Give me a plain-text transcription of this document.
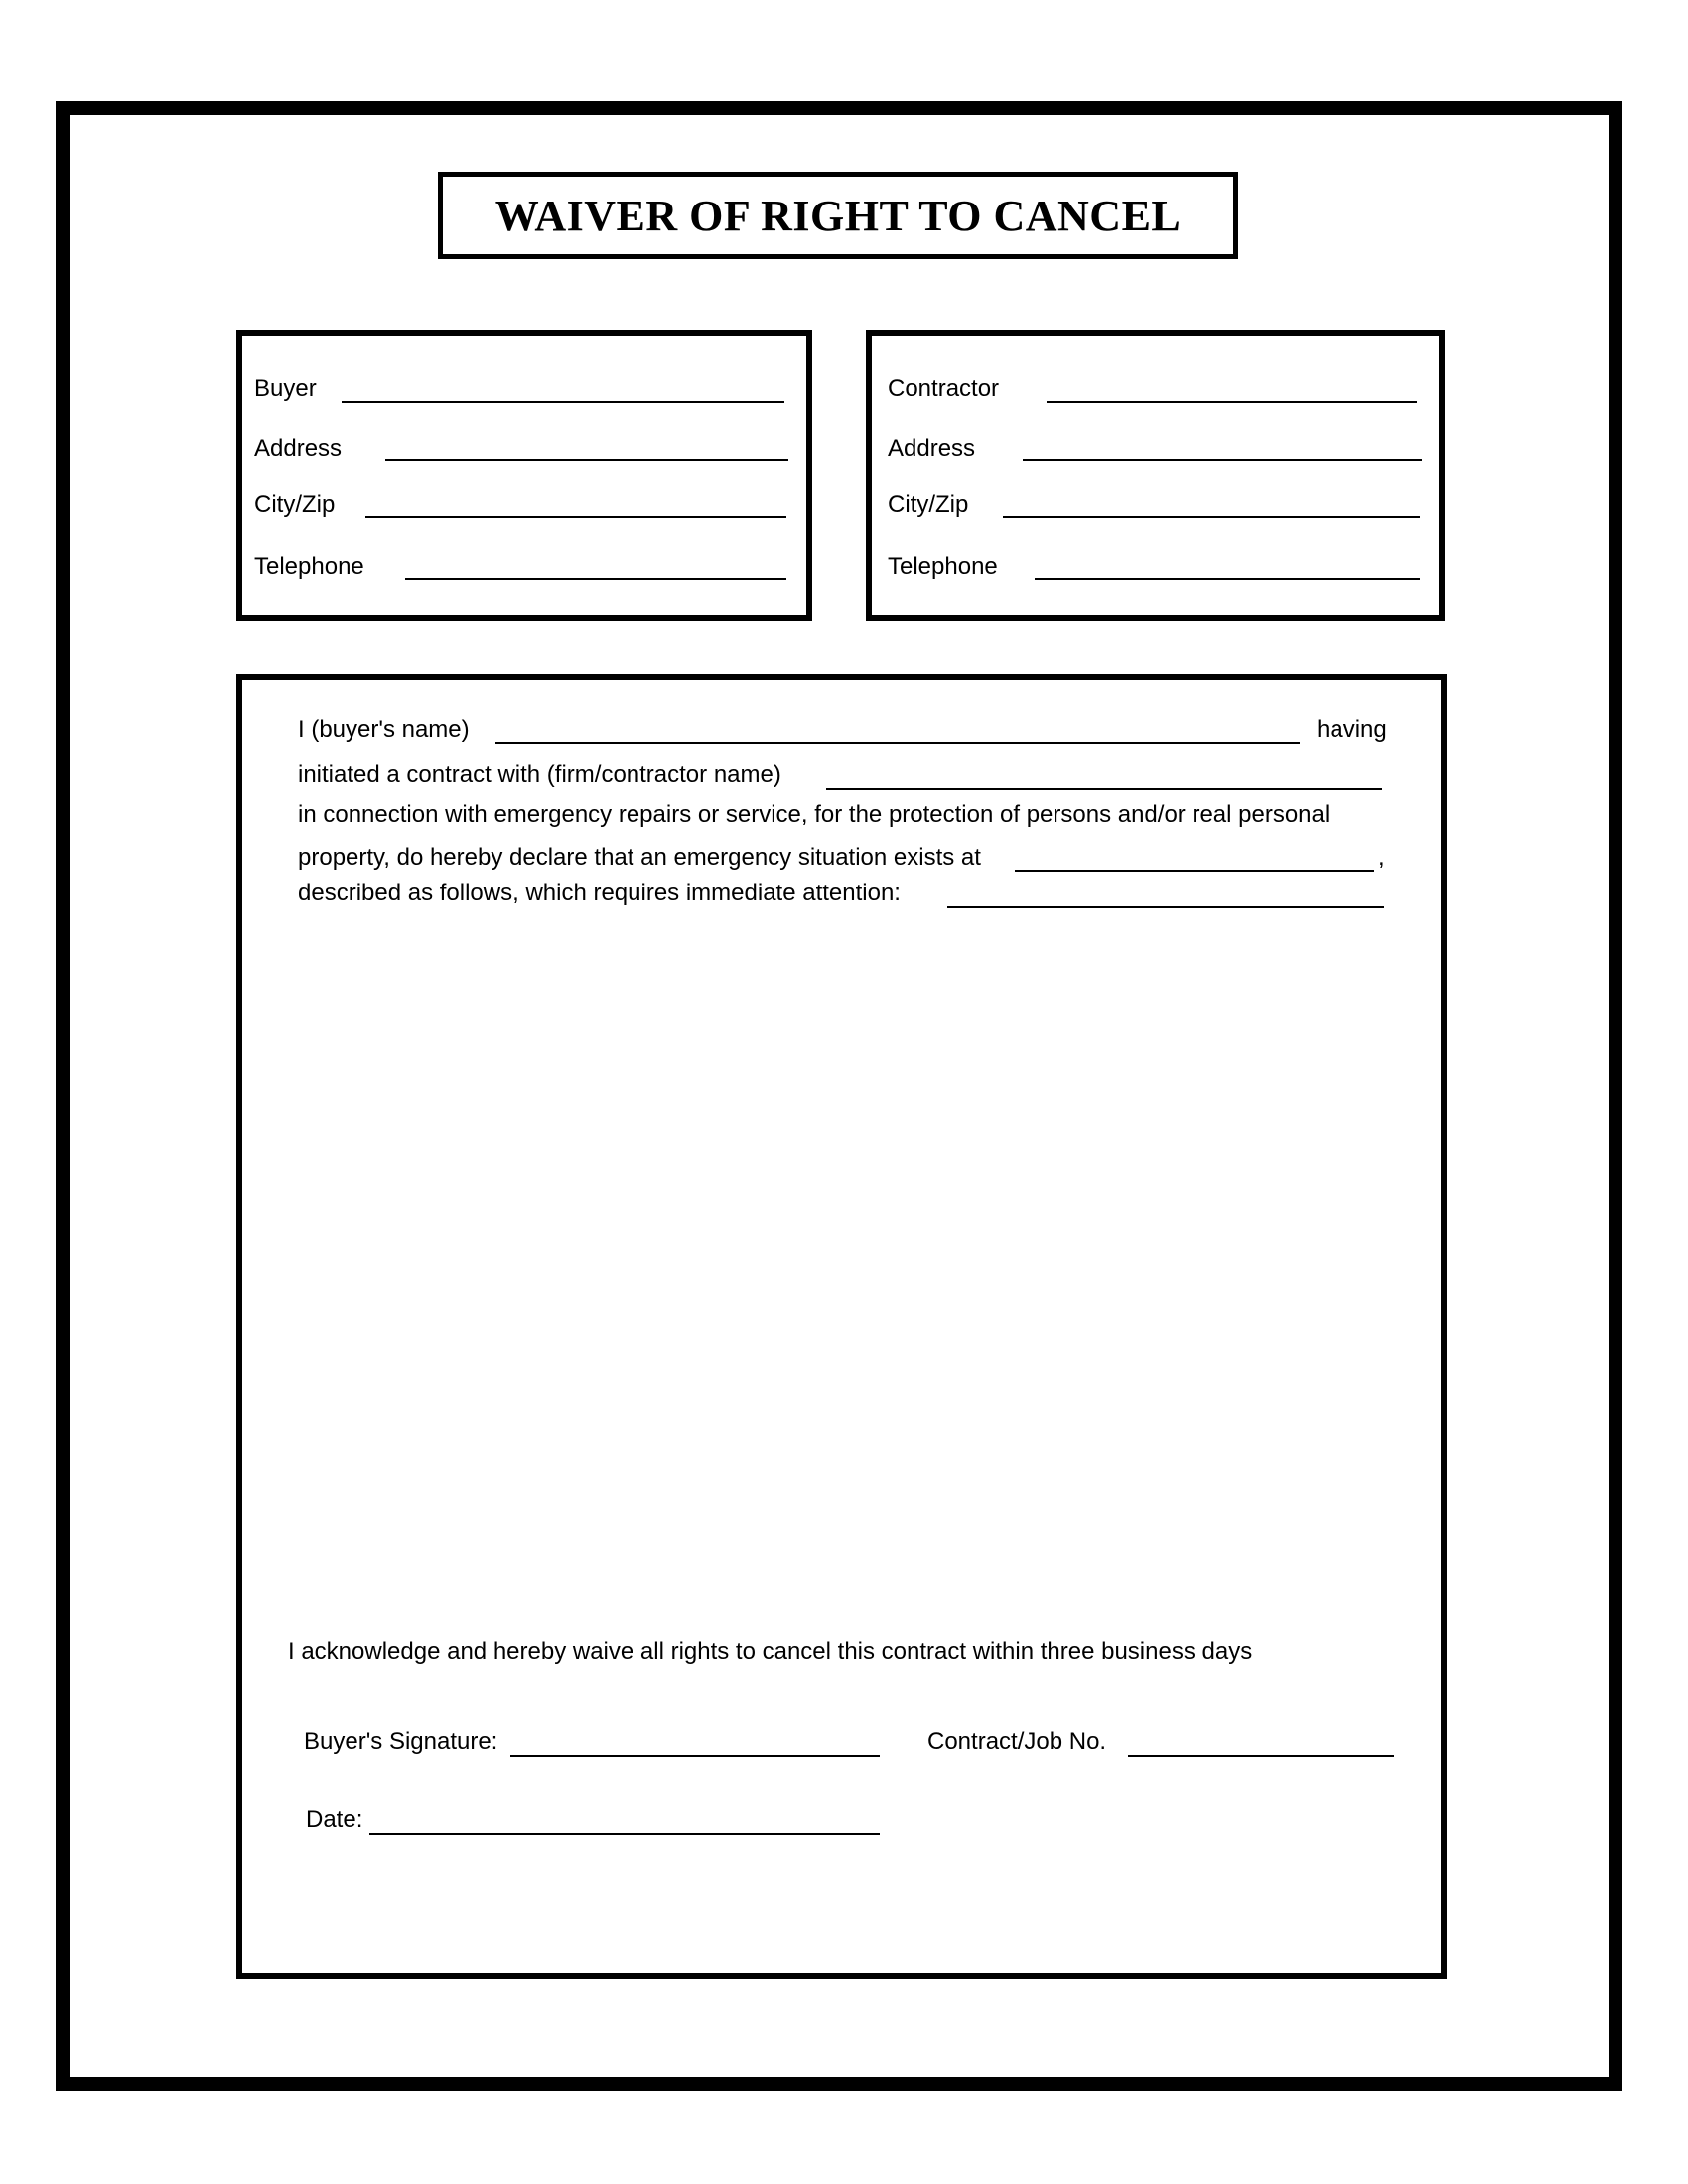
WAIVER OF RIGHT TO CANCEL
Buyer
Address
City/Zip
Telephone
Contractor
Address
City/Zip
Telephone
I (buyer's name)	having
initiated a contract with (firm/contractor name)
in connection with emergency repairs or service, for the protection of persons and/or real personal
property, do hereby declare that an emergency situation exists at	,
described as follows, which requires immediate attention:
I acknowledge and hereby waive all rights to cancel this contract within three business days
Buyer's Signature:	Contract/Job No.
Date:
